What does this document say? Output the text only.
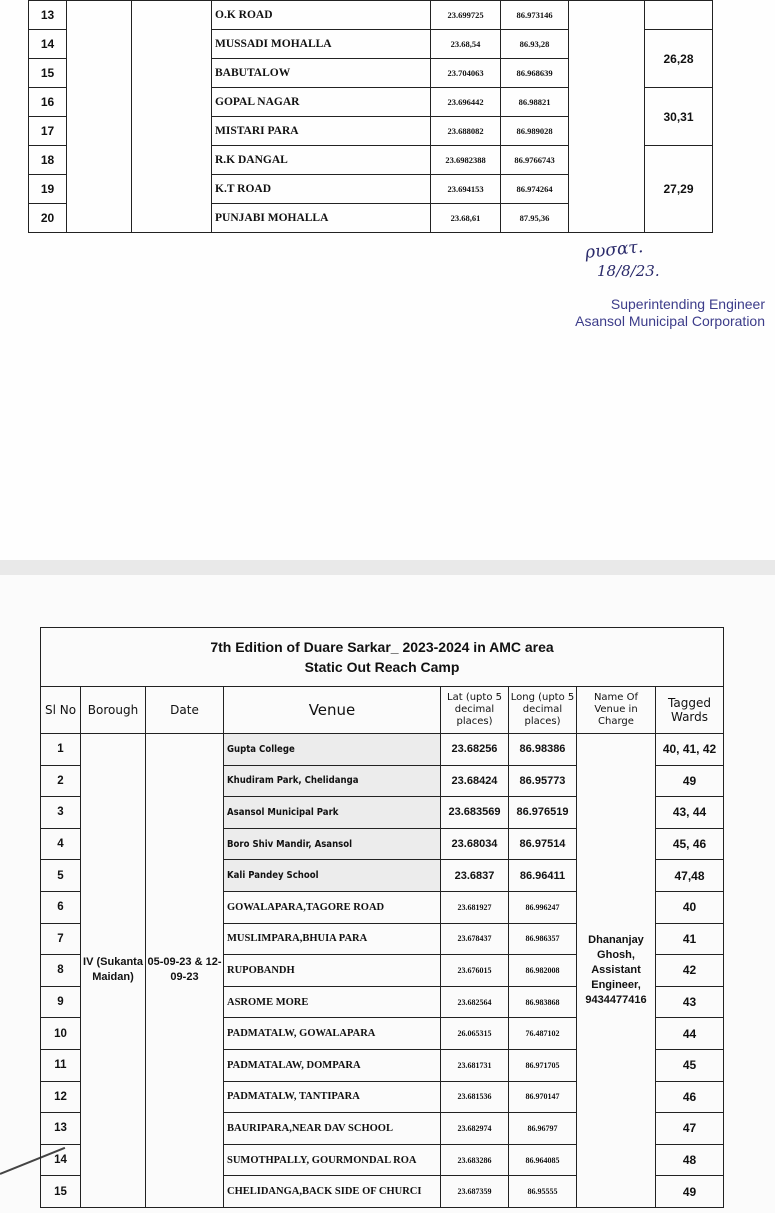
13			O.K ROAD	23.699725	86.973146		
14			MUSSADI MOHALLA	23.68,54	86.93,28		26,28
15			BABUTALOW	23.704063	86.968639		
16			GOPAL NAGAR	23.696442	86.98821		30,31
17			MISTARI PARA	23.688082	86.989028		
18			R.K DANGAL	23.6982388	86.9766743		27,29
19			K.T ROAD	23.694153	86.974264		
20			PUNJABI MOHALLA	23.68,61	87.95,36		
ρυσατ.
18/8/23.
Superintending Engineer
Asansol Municipal Corporation
7th Edition of Duare Sarkar_ 2023-2024 in AMC area
Static Out Reach Camp							

Sl No	Borough	Date	Venue	Lat (upto 5 decimal places)	Long (upto 5 decimal places)	Name Of Venue in Charge	Tagged Wards
1	IV (Sukanta Maidan)	05-09-23 & 12-09-23	Gupta College	23.68256	86.98386	Dhananjay Ghosh, Assistant Engineer, 9434477416	40, 41, 42
2			Khudiram Park, Chelidanga	23.68424	86.95773		49
3			Asansol Municipal Park	23.683569	86.976519		43, 44
4			Boro Shiv Mandir, Asansol	23.68034	86.97514		45, 46
5			Kali Pandey School	23.6837	86.96411		47,48
6			GOWALAPARA,TAGORE ROAD	23.681927	86.996247		40
7			MUSLIMPARA,BHUIA PARA	23.678437	86.986357		41
8			RUPOBANDH	23.676015	86.982008		42
9			ASROME MORE	23.682564	86.983868		43
10			PADMATALW, GOWALAPARA	26.065315	76.487102		44
11			PADMATALAW, DOMPARA	23.681731	86.971705		45
12			PADMATALW, TANTIPARA	23.681536	86.970147		46
13			BAURIPARA,NEAR DAV SCHOOL	23.682974	86.96797		47
14			SUMOTHPALLY, GOURMONDAL ROA	23.683286	86.964085		48
15			CHELIDANGA,BACK SIDE OF CHURCI	23.687359	86.95555		49
